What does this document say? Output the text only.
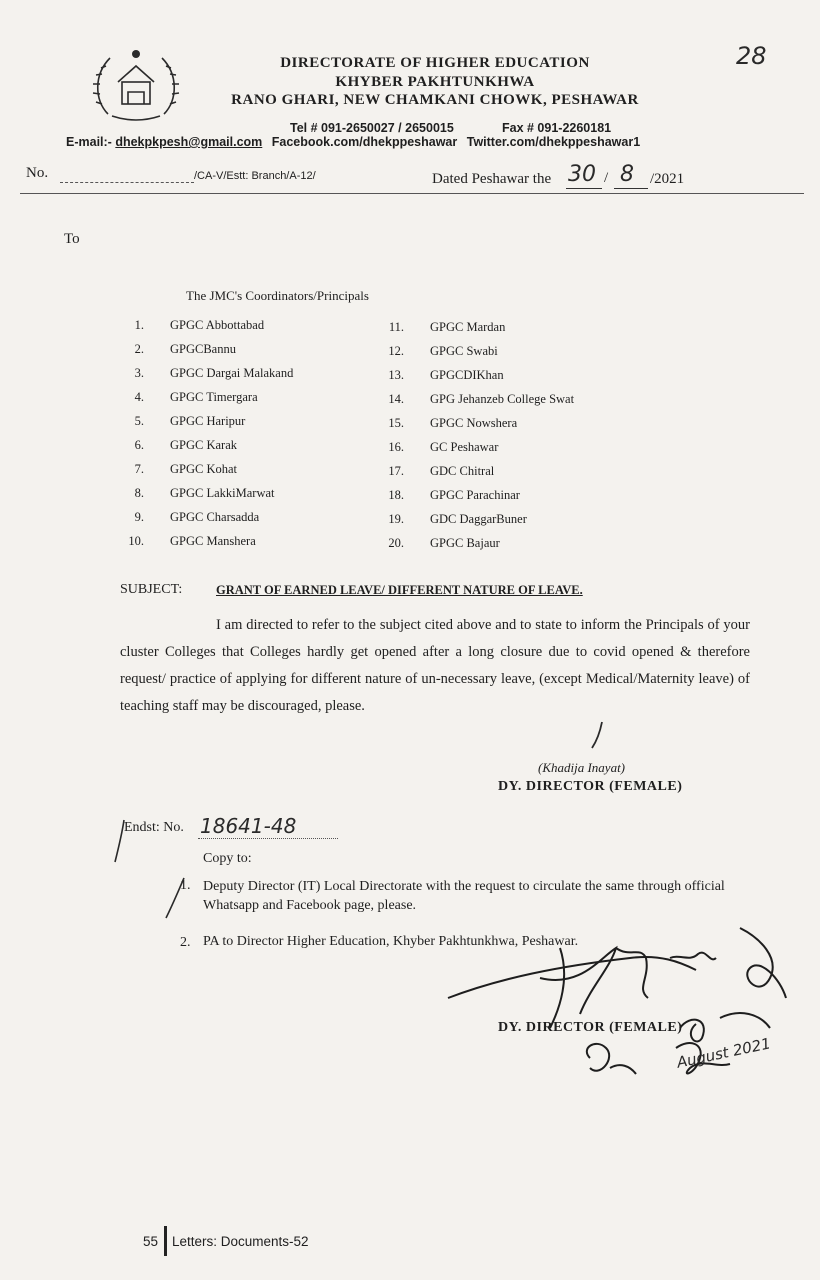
28
DIRECTORATE OF HIGHER EDUCATION
KHYBER PAKHTUNKHWA
RANO GHARI, NEW CHAMKANI CHOWK, PESHAWAR
Tel # 091-2650027 / 2650015	Fax # 091-2260181
E-mail:- dhekpkpesh@gmail.com Facebook.com/dhekppeshawar Twitter.com/dhekppeshawar1
No.	/CA-V/Estt: Branch/A-12/	Dated Peshawar the 30 / 8 /2021
To
The JMC's Coordinators/Principals
1. GPGC Abbottabad
2. GPGCBannu
3. GPGC Dargai Malakand
4. GPGC Timergara
5. GPGC Haripur
6. GPGC Karak
7. GPGC Kohat
8. GPGC LakkiMarwat
9. GPGC Charsadda
10. GPGC Manshera
11. GPGC Mardan
12. GPGC Swabi
13. GPGCDIKhan
14. GPG Jehanzeb College Swat
15. GPGC Nowshera
16. GC Peshawar
17. GDC Chitral
18. GPGC Parachinar
19. GDC DaggarBuner
20. GPGC Bajaur
SUBJECT:	GRANT OF EARNED LEAVE/ DIFFERENT NATURE OF LEAVE.
I am directed to refer to the subject cited above and to state to inform the Principals of your cluster Colleges that Colleges hardly get opened after a long closure due to covid opened & therefore request/ practice of applying for different nature of un-necessary leave, (except Medical/Maternity leave) of teaching staff may be discouraged, please.
(Khadija Inayat)
DY. DIRECTOR (FEMALE)
Endst: No. 18641-48
Copy to:
1. Deputy Director (IT) Local Directorate with the request to circulate the same through official Whatsapp and Facebook page, please.
2. PA to Director Higher Education, Khyber Pakhtunkhwa, Peshawar.
August 2021
DY. DIRECTOR (FEMALE)
55 Letters: Documents-52
